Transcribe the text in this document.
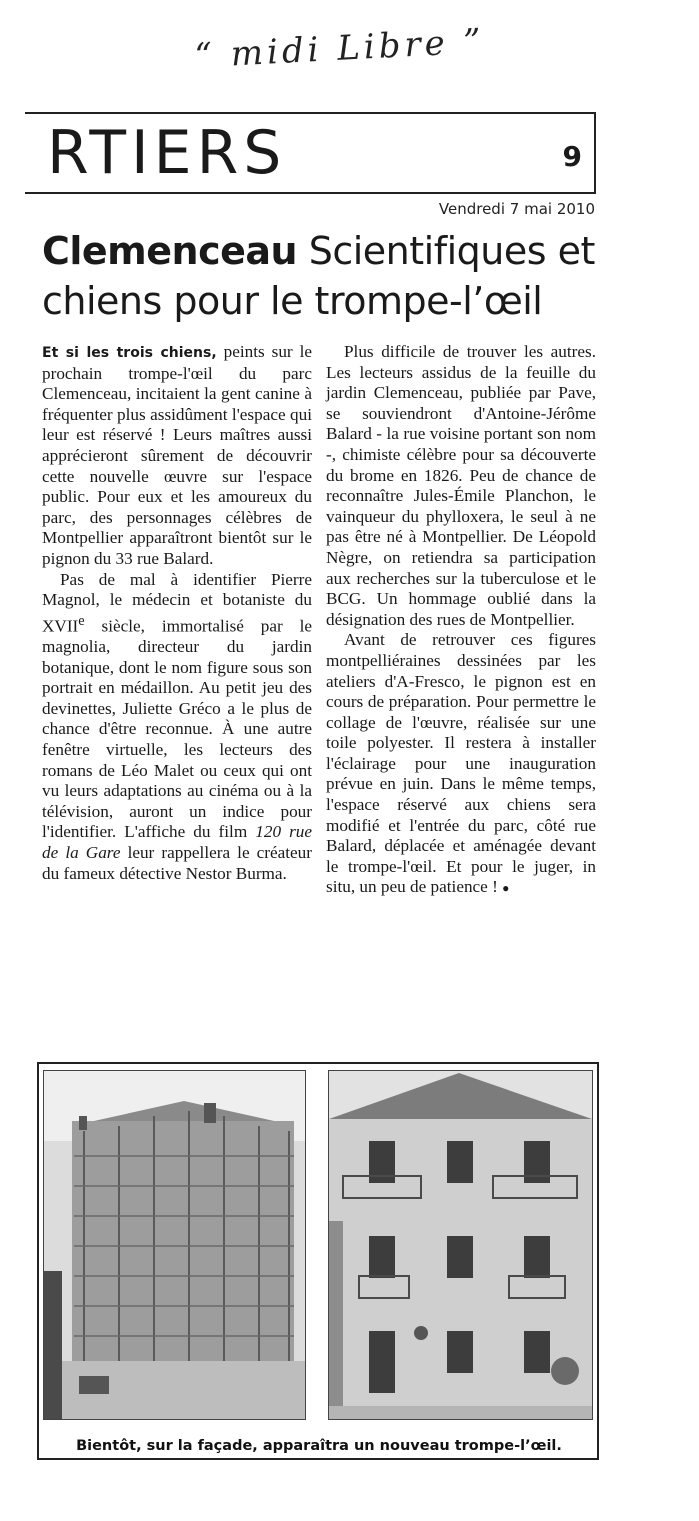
“ midi Libre ”
RTIERS	9
Vendredi 7 mai 2010
Clemenceau Scientifiques et chiens pour le trompe-l’œil

Et si les trois chiens, peints sur le prochain trompe-l'œil du parc Clemenceau, incitaient la gent canine à fréquenter plus assidûment l'espace qui leur est réservé ! Leurs maîtres aussi apprécieront sûrement de découvrir cette nouvelle œuvre sur l'espace public. Pour eux et les amoureux du parc, des personnages célèbres de Montpellier apparaîtront bientôt sur le pignon du 33 rue Balard.

Pas de mal à identifier Pierre Magnol, le médecin et botaniste du XVIIe siècle, immortalisé par le magnolia, directeur du jardin botanique, dont le nom figure sous son portrait en médaillon. Au petit jeu des devinettes, Juliette Gréco a le plus de chance d'être reconnue. À une autre fenêtre virtuelle, les lecteurs des romans de Léo Malet ou ceux qui ont vu leurs adaptations au cinéma ou à la télévision, auront un indice pour l'identifier. L'affiche du film 120 rue de la Gare leur rappellera le créateur du fameux détective Nestor Burma.

Plus difficile de trouver les autres. Les lecteurs assidus de la feuille du jardin Clemenceau, publiée par Pave, se souviendront d'Antoine-Jérôme Balard - la rue voisine portant son nom -, chimiste célèbre pour sa découverte du brome en 1826. Peu de chance de reconnaître Jules-Émile Planchon, le vainqueur du phylloxera, le seul à ne pas être né à Montpellier. De Léopold Nègre, on retiendra sa participation aux recherches sur la tuberculose et le BCG. Un hommage oublié dans la désignation des rues de Montpellier.

Avant de retrouver ces figures montpelliéraines dessinées par les ateliers d'A-Fresco, le pignon est en cours de préparation. Pour permettre le collage de l'œuvre, réalisée sur une toile polyester. Il restera à installer l'éclairage pour une inauguration prévue en juin. Dans le même temps, l'espace réservé aux chiens sera modifié et l'entrée du parc, côté rue Balard, déplacée et aménagée devant le trompe-l'œil. Et pour le juger, in situ, un peu de patience ! ●

Bientôt, sur la façade, apparaîtra un nouveau trompe-l’œil.
